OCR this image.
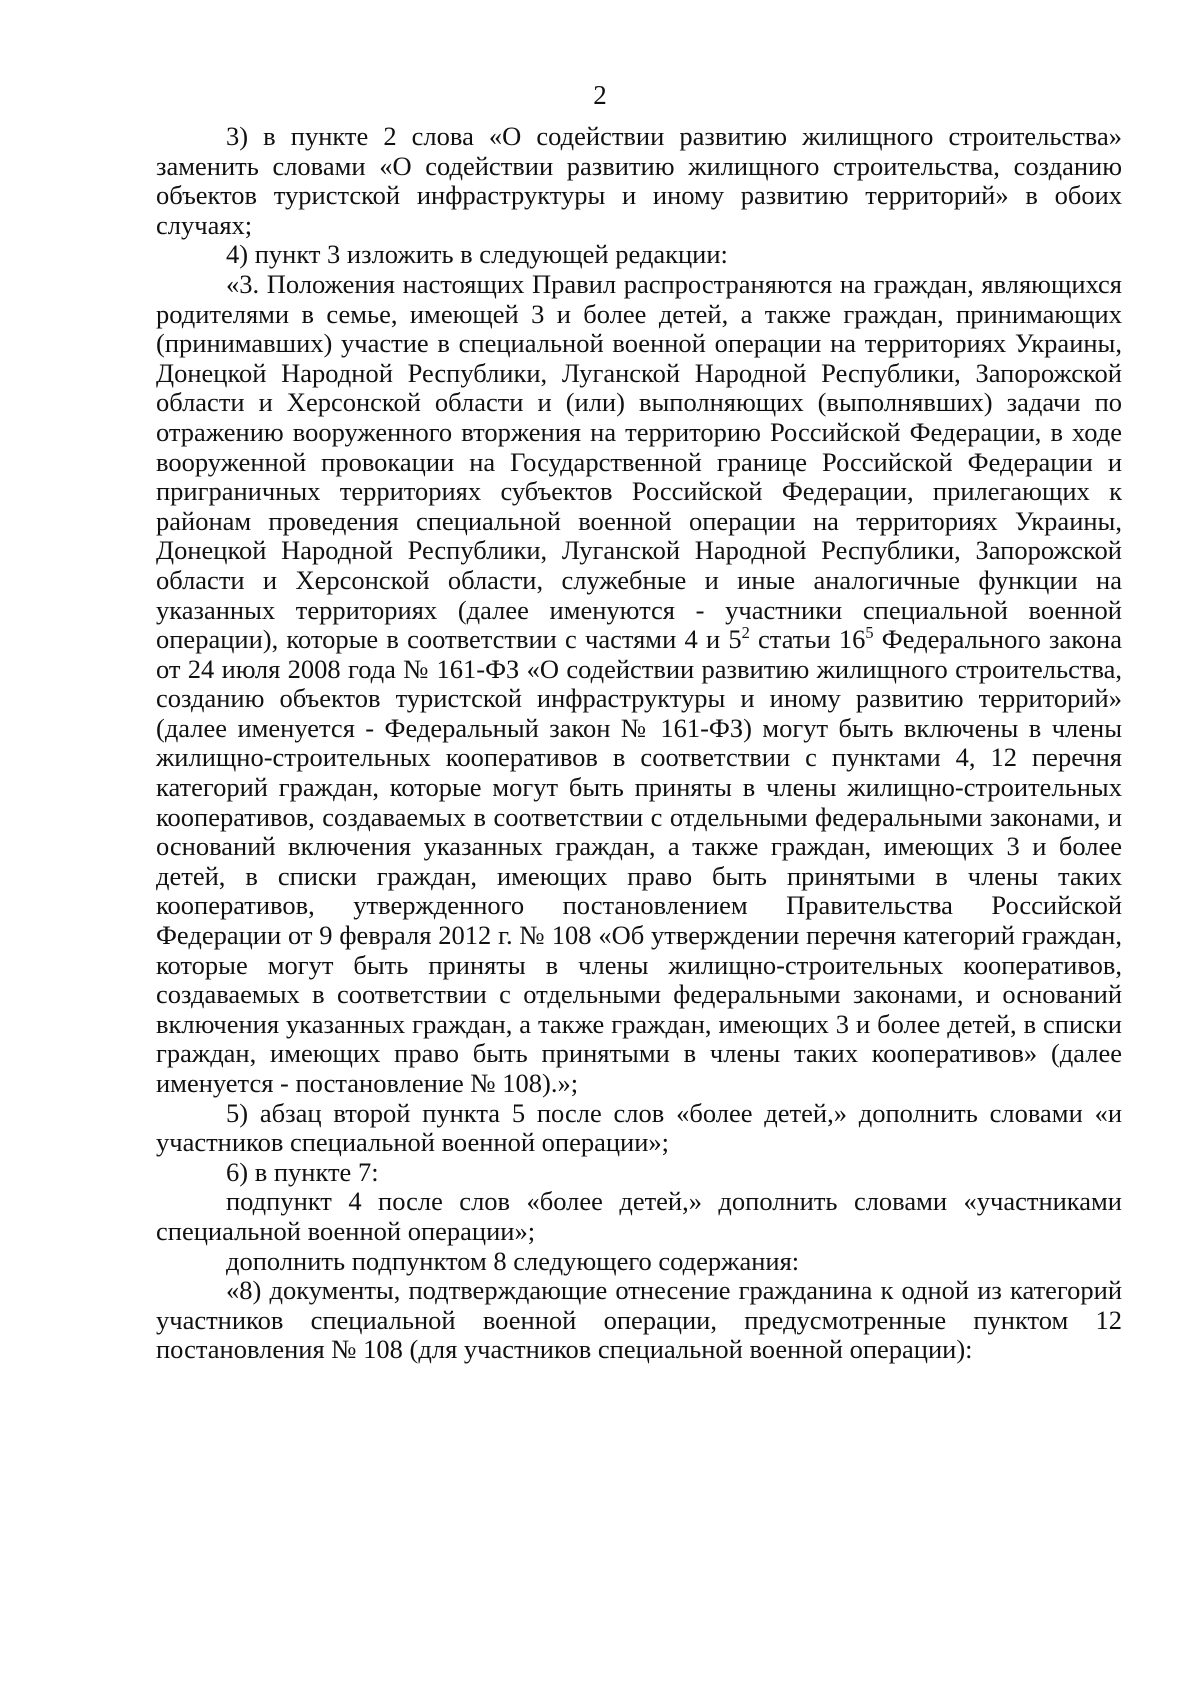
2

3) в пункте 2 слова «О содействии развитию жилищного строительства» заменить словами «О содействии развитию жилищного строительства, созданию объектов туристской инфраструктуры и иному развитию территорий» в обоих случаях;

4) пункт 3 изложить в следующей редакции:

«3. Положения настоящих Правил распространяются на граждан, являющихся родителями в семье, имеющей 3 и более детей, а также граждан, принимающих (принимавших) участие в специальной военной операции на территориях Украины, Донецкой Народной Республики, Луганской Народной Республики, Запорожской области и Херсонской области и (или) выполняющих (выполнявших) задачи по отражению вооруженного вторжения на территорию Российской Федерации, в ходе вооруженной провокации на Государственной границе Российской Федерации и приграничных территориях субъектов Российской Федерации, прилегающих к районам проведения специальной военной операции на территориях Украины, Донецкой Народной Республики, Луганской Народной Республики, Запорожской области и Херсонской области, служебные и иные аналогичные функции на указанных территориях (далее именуются - участники специальной военной операции), которые в соответствии с частями 4 и $5^2$ статьи $16^5$ Федерального закона от 24 июля 2008 года № 161-ФЗ «О содействии развитию жилищного строительства, созданию объектов туристской инфраструктуры и иному развитию территорий» (далее именуется - Федеральный закон № 161-ФЗ) могут быть включены в члены жилищно-строительных кооперативов в соответствии с пунктами 4, 12 перечня категорий граждан, которые могут быть приняты в члены жилищно-строительных кооперативов, создаваемых в соответствии с отдельными федеральными законами, и оснований включения указанных граждан, а также граждан, имеющих 3 и более детей, в списки граждан, имеющих право быть принятыми в члены таких кооперативов, утвержденного постановлением Правительства Российской Федерации от 9 февраля 2012 г. № 108 «Об утверждении перечня категорий граждан, которые могут быть приняты в члены жилищно-строительных кооперативов, создаваемых в соответствии с отдельными федеральными законами, и оснований включения указанных граждан, а также граждан, имеющих 3 и более детей, в списки граждан, имеющих право быть принятыми в члены таких кооперативов» (далее именуется - постановление № 108).»;

5) абзац второй пункта 5 после слов «более детей,» дополнить словами «и участников специальной военной операции»;

6) в пункте 7:

подпункт 4 после слов «более детей,» дополнить словами «участниками специальной военной операции»;

дополнить подпунктом 8 следующего содержания:

«8) документы, подтверждающие отнесение гражданина к одной из категорий участников специальной военной операции, предусмотренные пунктом 12 постановления № 108 (для участников специальной военной операции):
